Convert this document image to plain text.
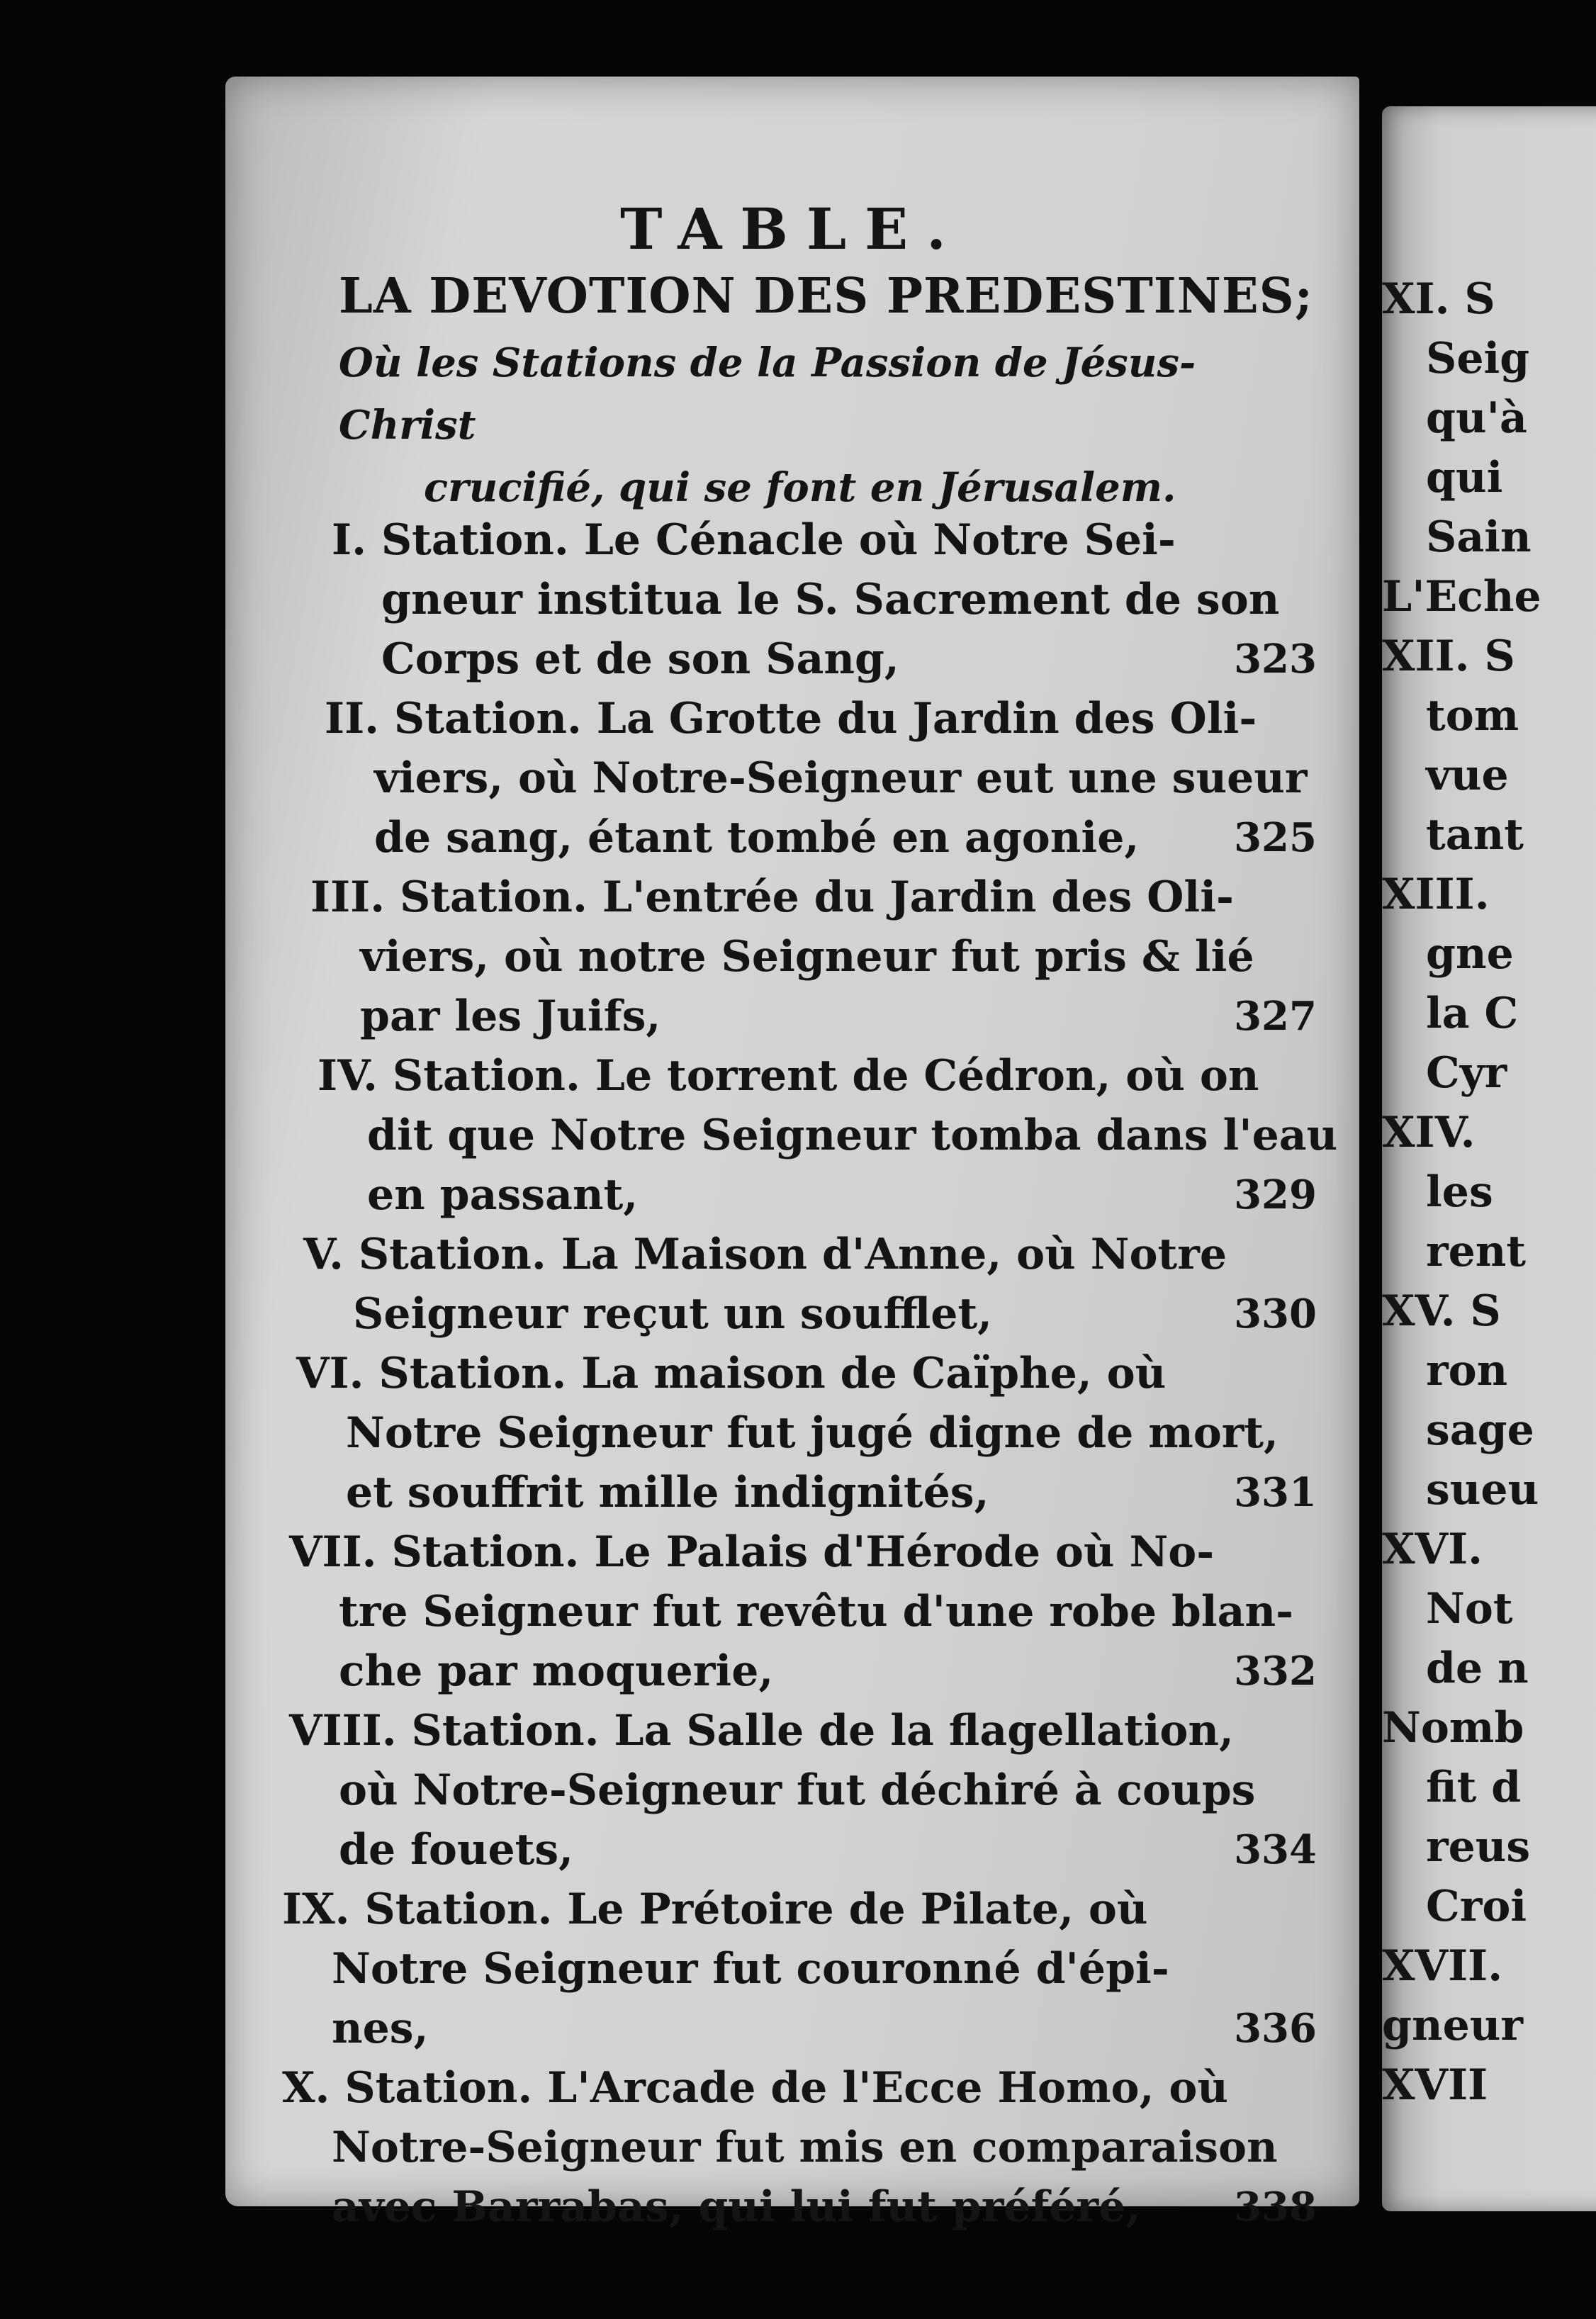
TABLE.
LA DEVOTION DES PREDESTINES;
Où les Stations de la Passion de Jésus-Christ
crucifié, qui se font en Jérusalem.
I. Station. Le Cénacle où Notre Sei-
gneur institua le S. Sacrement de son
Corps et de son Sang,	323
II. Station. La Grotte du Jardin des Oli-
viers, où Notre-Seigneur eut une sueur
de sang, étant tombé en agonie,	325
III. Station. L'entrée du Jardin des Oli-
viers, où notre Seigneur fut pris & lié
par les Juifs,	327
IV. Station. Le torrent de Cédron, où on
dit que Notre Seigneur tomba dans l'eau
en passant,	329
V. Station. La Maison d'Anne, où Notre
Seigneur reçut un soufflet,	330
VI. Station. La maison de Caïphe, où
Notre Seigneur fut jugé digne de mort,
et souffrit mille indignités,	331
VII. Station. Le Palais d'Hérode où No-
tre Seigneur fut revêtu d'une robe blan-
che par moquerie,	332
VIII. Station. La Salle de la flagellation,
où Notre-Seigneur fut déchiré à coups
de fouets,	334
IX. Station. Le Prétoire de Pilate, où
Notre Seigneur fut couronné d'épi-
nes,	336
X. Station. L'Arcade de l'Ecce Homo, où
Notre-Seigneur fut mis en comparaison
avec Barrabas, qui lui fut préféré,	338
XI. S
Seig
qu'à
qui
Sain
L'Eche
XII. S
tom
vue
tant
XIII.
gne
la C
Cyr
XIV.
les
rent
XV. S
ron
sage
sueu
XVI.
Not
de n
Nomb
fit d
reus
Croi
XVII.
gneur
XVII
